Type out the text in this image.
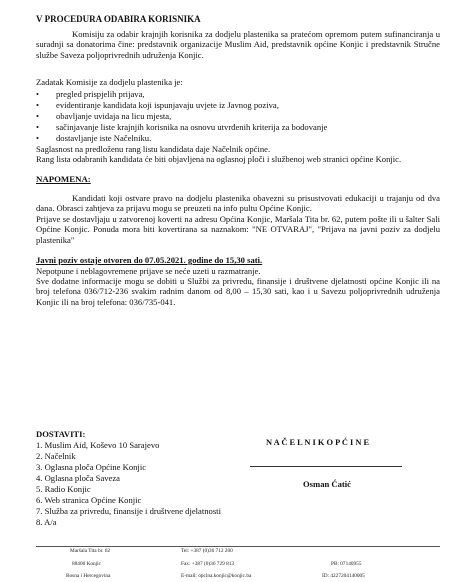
V PROCEDURA ODABIRA KORISNIKA
Komisiju za odabir krajnjih korisnika za dodjelu plastenika sa pratećom opremom putem sufinanciranja u suradnji sa donatorima čine: predstavnik organizacije Muslim Aid, predstavnik općine Konjic i predstavnik Stručne službe Saveza poljoprivrednih udruženja Konjic.
Zadatak Komisije za dodjelu plastenika je:
• pregled prispjelih prijava,
• evidentiranje kandidata koji ispunjavaju uvjete iz Javnog poziva,
• obavljanje uvidaja na licu mjesta,
• sačinjavanje liste krajnjih korisnika na osnovu utvrđenih kriterija za bodovanje
• dostavljanje iste Načelniku.
Saglasnost na predloženu rang listu kandidata daje Načelnik općine.
Rang lista odabranih kandidata će biti objavljena na oglasnoj ploči i službenoj web stranici općine Konjic.
NAPOMENA:
Kandidati koji ostvare pravo na dodjelu plastenika obavezni su prisustvovati edukaciji u trajanju od dva dana. Obrasci zahtjeva za prijavu mogu se preuzeti na info pultu Općine Konjic.
Prijave se dostavljaju u zatvorenoj koverti na adresu Općina Konjic, Maršala Tita br. 62, putem pošte ili u šalter Sali Općine Konjic. Ponuda mora biti kovertirana sa naznakom: "NE OTVARAJ", "Prijava na javni poziv za dodjelu plastenika"
Javni poziv ostaje otvoren do 07.05.2021. godine do 15,30 sati.
Nepotpune i neblagovremene prijave se neće uzeti u razmatranje.
Sve dodatne informacije mogu se dobiti u Službi za privredu, finansije i društvene djelatnosti općine Konjic ili na broj telefona 036/712-236 svakim radnim danom od 8,00 – 15,30 sati, kao i u Savezu poljoprivrednih udruženja Konjic ili na broj telefona: 036/735-041.
DOSTAVITI:
1. Muslim Aid, Koševo 10 Sarajevo
2. Načelnik
3. Oglasna ploča Općine Konjic
4. Oglasna ploča Saveza
5. Radio Konjic
6. Web stranica Općine Konjic
7. Služba za privredu, finansije i društvene djelatnosti
8. A/a
N A Č E L N I K O P Ć I N E
Osman Ćatić
Maršala Tita br. 62	Tel: +387 (0)36 712 200
88400 Konjic	Fax: +387 (0)36 729 813	PB: 07140955
Bosna i Hercegovina	E-mail: opcina.konjic@konjic.ba	ID: 4227204140005
